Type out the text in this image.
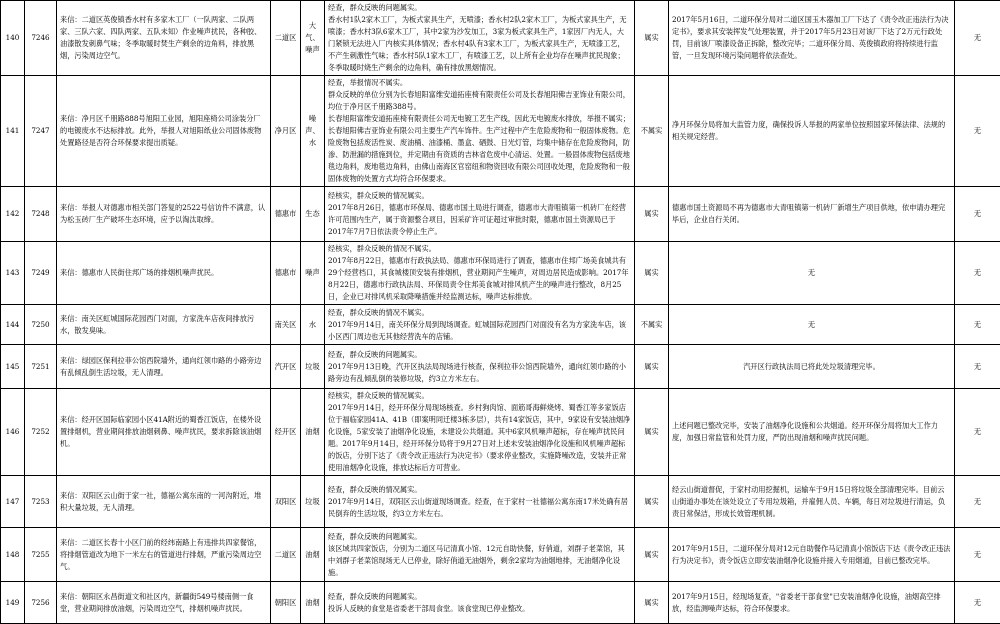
140	7246	来信：二道区英俊镇香水村有多家木工厂（一队两家、二队两家、三队六家、四队两家、五队未知）作业噪声扰民，各种胶、油漆散发刺鼻气味；冬季取暖时焚生产剩余的边角料，排放黑烟，污染周边空气。	二道区	大气、噪声	经查，群众反映的问题属实。
香水村1队2家木工厂，为板式家具生产，无喷漆；香水村2队2家木工厂，为板式家具生产，无喷漆；香水村3队6家木工厂，其中2家为沙发加工，3家为板式家具生产，1家因厂内无人，大门紧锁无法进入厂内核实具体情况；香水村4队有3家木工厂，为板式家具生产，无喷漆工艺，不产生刺激性气味；香水村5队1家木工厂，有喷漆工艺，以上所有企业均存在噪声扰民现象；冬季取暖时烧生产剩余的边角料，确有排放黑烟情况。	属实	2017年5月16日，二道环保分局对二道区国玉木器加工厂下达了《责令改正违法行为决定书》，要求其安装挥发气处理装置，并于2017年5月23日对该厂下达了2万元行政处罚，目前该厂喷漆设备正拆除，整改完毕；二道环保分局、英俊镇政府将持续进行监管，一旦发现环境污染问题将依法查处。	无
141	7247	来信：净月区千朋路888号旭阳工业园，旭阳座椅公司涂装分厂的电镀废水不达标排放。此外，举报人对旭阳纸业公司固体废物处置路径是否符合环保要求提出质疑。	净月区	噪声、水	经查，举报情况不属实。
群众反映的单位分别为长春旭阳富维安道拓座椅有限责任公司及长春旭阳佛吉亚饰业有限公司，均位于净月区千朋路388号。
长春旭阳富维安道拓座椅有限责任公司无电镀工艺生产线，因此无电镀废水排放，举报不属实；
长春旭阳佛吉亚饰业有限公司主要生产汽车饰件。生产过程中产生危险废物和一般固体废物。危险废物包括废活性炭、废油桶、油漆桶、墨盒、硒鼓、日光灯管，均集中储存在危险废物间，防渗、防泄漏的措施到位，并定期由有资质的吉林省危废中心清运、处置。一般固体废物包括废地毯边角料，废地毯边角料，由佛山南海区官窑纽和物资回收有限公司回收处理，危险废物和一般固体废物的处置方式均符合环保要求。	不属实	净月环保分局将加大监管力度，确保投诉人举报的两家单位按照国家环保法律、法规的相关规定经营。	无
142	7248	来信：举报人对德惠市相关部门答复的2522号信访件不满意，认为松玉砖厂生产破坏生态环境，应予以淘汰取缔。	德惠市	生态	经核实，群众反映的情况属实。
2017年8月26日，德惠市环保局、德惠市国土局进行调查，德惠市大青咀镇第一机砖厂在经营许可范围内生产，属于资源整合项目，因采矿许可证超过审批时限，德惠市国土资源局已于2017年7月7日依法责令停止生产。	属实	德惠市国土资源局不再为德惠市大青咀镇第一机砖厂新增生产项目供地，依申请办理完毕后，企业自行关闭。	无
143	7249	来信：德惠市人民街住邦广场的排烟机噪声扰民。	德惠市	噪声	经核实，群众反映的情况不属实。
2017年8月22日，德惠市行政执法局、德惠市环保局进行了调查，德惠市住邦广场美食城共有29个经营档口，其食城楼顶安装有排烟机，营业期间产生噪声，对周边居民造成影响。2017年8月22日，德惠市行政执法局、环保局责令住邦美食城对排风机产生的噪声进行整改，8月25日，企业已对排风机采取降噪措施并经监测达标，噪声达标排放。	属实	无	无
144	7250	来信：南关区虹城国际花园西门对面，方家洗车店夜间排放污水，散发臭味。	南关区	水	经查，群众反映的情况不属实。
2017年9月14日，南关环保分局到现场调查。虹城国际花园西门对面没有名为方家洗车店，该小区西门周边也无其他经营洗车的店铺。	不属实	无	无
145	7251	来信：绿园区保利拉菲公馆西院墙外，通向红领巾路的小路旁边有乱倾乱倒生活垃圾，无人清理。	汽开区	垃圾	经查，群众反映的问题属实。
2017年9月13日晚，汽开区执法局现场进行核查，保利拉菲公馆西院墙外，通向红领巾路的小路旁边有乱倾乱倒的装修垃圾，约3立方米左右。	属实	汽开区行政执法局已将此处垃圾清理完毕。	无
146	7252	来信：经开区国际临家园小区41A附近的蜀香江饭店，在楼外设置排烟机，营业期间排放油烟刺鼻、噪声扰民，要求拆除该油烟机。	经开区	油烟	经核实，群众反映的情况属实。
2017年9月14日，经开环保分局现场核查。乡村狗肉馆、面筋哥海鲜烧烤、蜀香江等多家饭店位于福临家园41A、41B（即案明同迁楼3栋多层），共有14家饭店，其中，9家设有安装油烟净化设施，5家安装了油烟净化设施，未建设公共烟道。其中6家风机噪声超标，存在噪声扰民问题。2017年9月14日，经开环保分局将于9月27日对上述未安装油烟净化设施和风机噪声超标的饭店，分别下达了《责令改正违法行为决定书》（要求停业整改，实施降噪改造，安装并正常使用油烟净化设施，排放达标后方可营业。	属实	上述问题已整改完毕，安装了油烟净化设施和公共烟道。经开环保分局将加大工作力度，加强日常监管和处罚力度，严防出现油烟和噪声扰民问题。	无
147	7253	来信：双阳区云山街于家一社，德福公寓东南的一河沟附近，堆积大量垃圾，无人清理。	双阳区	垃圾	经查，群众反映的情况属实。
2017年9月14日，双阳区云山街道现场调查。经查，在于家村一社德福公寓东南17米处确有居民倒弃的生活垃圾，约3立方米左右。	属实	经云山街道督促，于家村动用挖掘机，运输车于9月15日将垃圾全部清理完毕。目前云山街道办事处在该处设立了专用垃圾箱，并雇佣人员、车辆，每日对垃圾进行清运，负责日常保洁，形成长效管理机制。	无
148	7255	来信：二道区长春十小区门前的经纬南路上有违排共四家餐馆，将排烟管道改为地下一米左右的管道进行排烟，严重污染周边空气。	二道区	油烟	经查，群众反映的问题属实。
该区域共四家饭店，分别为二道区马记清真小馆、12元自助快餐，好俏道，刘群子老菜馆，其中刘群子老菜馆现场无人已停业，除好俏道无油烟外，剩余2家均为油烟地排，无油烟净化设施。	属实	2017年9月15日，二道环保分局对12元自助餐作马记清真小馆饭店下达《责令改正违法行为决定书》，责令饭店立即安装油烟净化设施并接入专用烟道，目前已整改完毕。	无
149	7256	来信：朝阳区永昌街道文和社区内，新疆街549号楼南侧一食堂，营业期间排放油烟，污染周边空气，排烟机噪声扰民。	朝阳区	油烟	经查，群众反映的问题属实。
投诉人反映的食堂是省委老干部局食堂。该食堂现已停业整改。	属实	2017年9月15日，经现场复查，"省委老干部食堂"已安装油烟净化设施，油烟高空排放，经监测噪声达标，符合环保要求。	无
